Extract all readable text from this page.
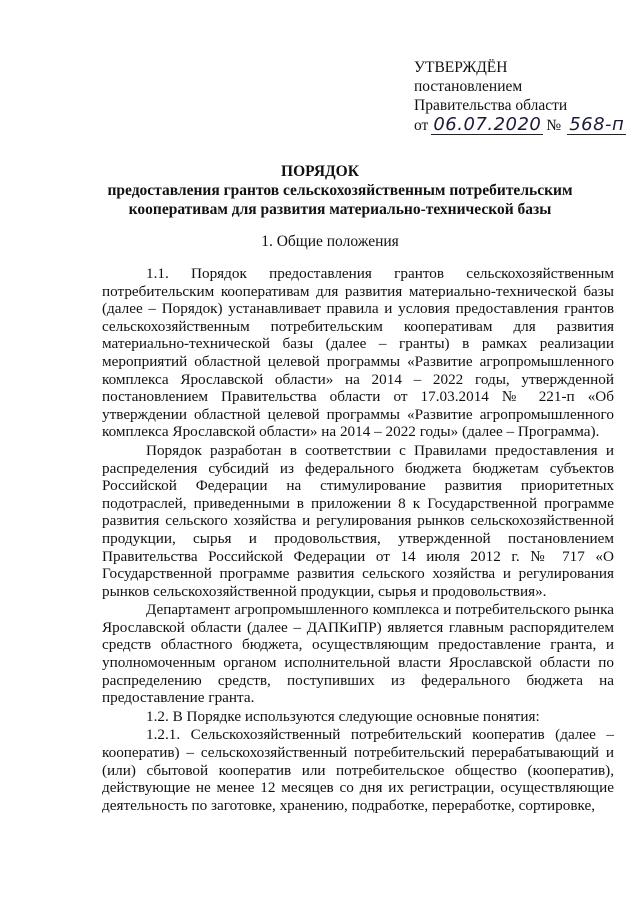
УТВЕРЖДЁН
постановлением
Правительства области
от 06.07.2020 № 568-п
ПОРЯДОК
предоставления грантов сельскохозяйственным потребительским кооперативам для развития материально-технической базы
1. Общие положения

1.1. Порядок предоставления грантов сельскохозяйственным потребительским кооперативам для развития материально-технической базы (далее – Порядок) устанавливает правила и условия предоставления грантов сельскохозяйственным потребительским кооперативам для развития материально-технической базы (далее – гранты) в рамках реализации мероприятий областной целевой программы «Развитие агропромышленного комплекса Ярославской области» на 2014 – 2022 годы, утвержденной постановлением Правительства области от 17.03.2014 № 221-п «Об утверждении областной целевой программы «Развитие агропромышленного комплекса Ярославской области» на 2014 – 2022 годы» (далее – Программа).

Порядок разработан в соответствии с Правилами предоставления и распределения субсидий из федерального бюджета бюджетам субъектов Российской Федерации на стимулирование развития приоритетных подотраслей, приведенными в приложении 8 к Государственной программе развития сельского хозяйства и регулирования рынков сельскохозяйственной продукции, сырья и продовольствия, утвержденной постановлением Правительства Российской Федерации от 14 июля 2012 г. № 717 «О Государственной программе развития сельского хозяйства и регулирования рынков сельскохозяйственной продукции, сырья и продовольствия».

Департамент агропромышленного комплекса и потребительского рынка Ярославской области (далее – ДАПКиПР) является главным распорядителем средств областного бюджета, осуществляющим предоставление гранта, и уполномоченным органом исполнительной власти Ярославской области по распределению средств, поступивших из федерального бюджета на предоставление гранта.

1.2. В Порядке используются следующие основные понятия:

1.2.1. Сельскохозяйственный потребительский кооператив (далее – кооператив) – сельскохозяйственный потребительский перерабатывающий и (или) сбытовой кооператив или потребительское общество (кооператив), действующие не менее 12 месяцев со дня их регистрации, осуществляющие деятельность по заготовке, хранению, подработке, переработке, сортировке,
